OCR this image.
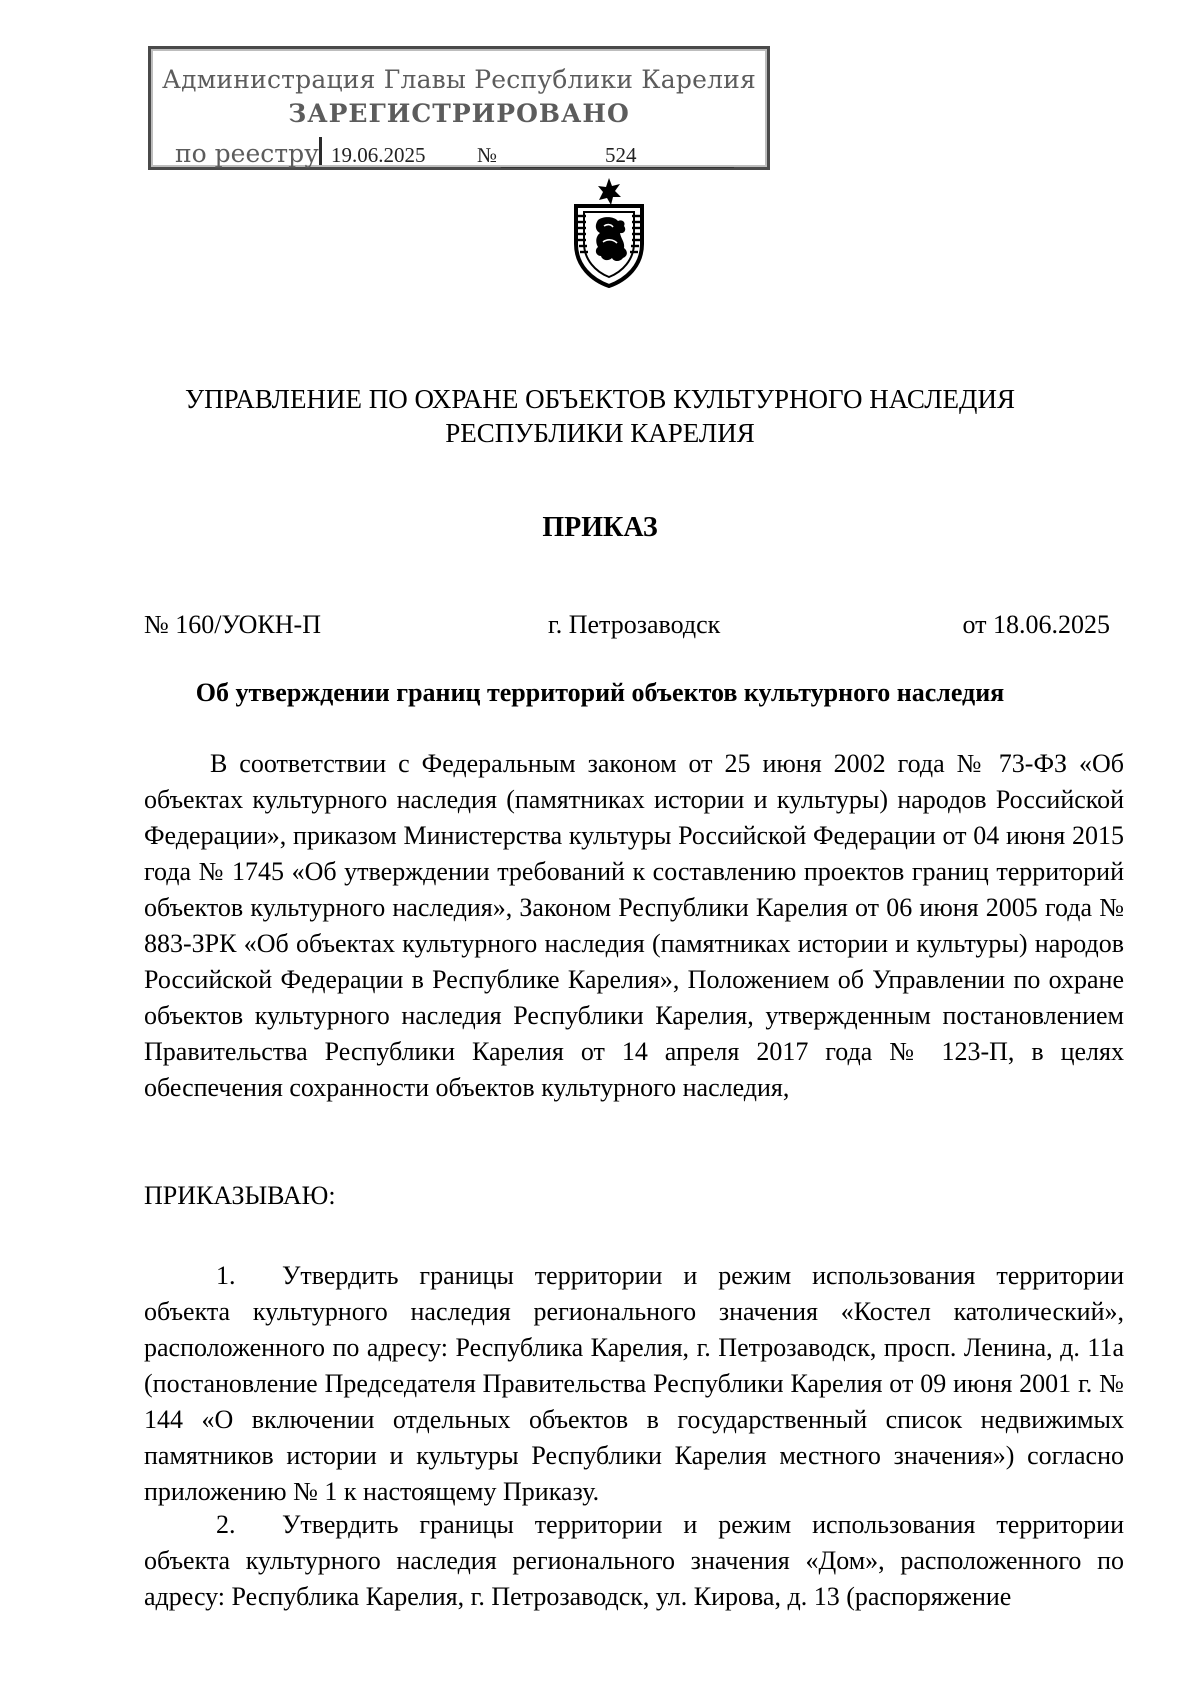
Администрация Главы Республики Карелия
ЗАРЕГИСТРИРОВАНО
по реестру 19.06.2025 №	524
УПРАВЛЕНИЕ ПО ОХРАНЕ ОБЪЕКТОВ КУЛЬТУРНОГО НАСЛЕДИЯ
РЕСПУБЛИКИ КАРЕЛИЯ
ПРИКАЗ
№ 160/УОКН-П	г. Петрозаводск	от 18.06.2025
Об утверждении границ территорий объектов культурного наследия
В соответствии с Федеральным законом от 25 июня 2002 года № 73-ФЗ «Об объектах культурного наследия (памятниках истории и культуры) народов Российской Федерации», приказом Министерства культуры Российской Федерации от 04 июня 2015 года № 1745 «Об утверждении требований к составлению проектов границ территорий объектов культурного наследия», Законом Республики Карелия от 06 июня 2005 года № 883-ЗРК «Об объектах культурного наследия (памятниках истории и культуры) народов Российской Федерации в Республике Карелия», Положением об Управлении по охране объектов культурного наследия Республики Карелия, утвержденным постановлением Правительства Республики Карелия от 14 апреля 2017 года № 123-П, в целях обеспечения сохранности объектов культурного наследия,
ПРИКАЗЫВАЮ:
1. Утвердить границы территории и режим использования территории объекта культурного наследия регионального значения «Костел католический», расположенного по адресу: Республика Карелия, г. Петрозаводск, просп. Ленина, д. 11а (постановление Председателя Правительства Республики Карелия от 09 июня 2001 г. № 144 «О включении отдельных объектов в государственный список недвижимых памятников истории и культуры Республики Карелия местного значения») согласно приложению № 1 к настоящему Приказу.
2. Утвердить границы территории и режим использования территории объекта культурного наследия регионального значения «Дом», расположенного по адресу: Республика Карелия, г. Петрозаводск, ул. Кирова, д. 13 (распоряжение
